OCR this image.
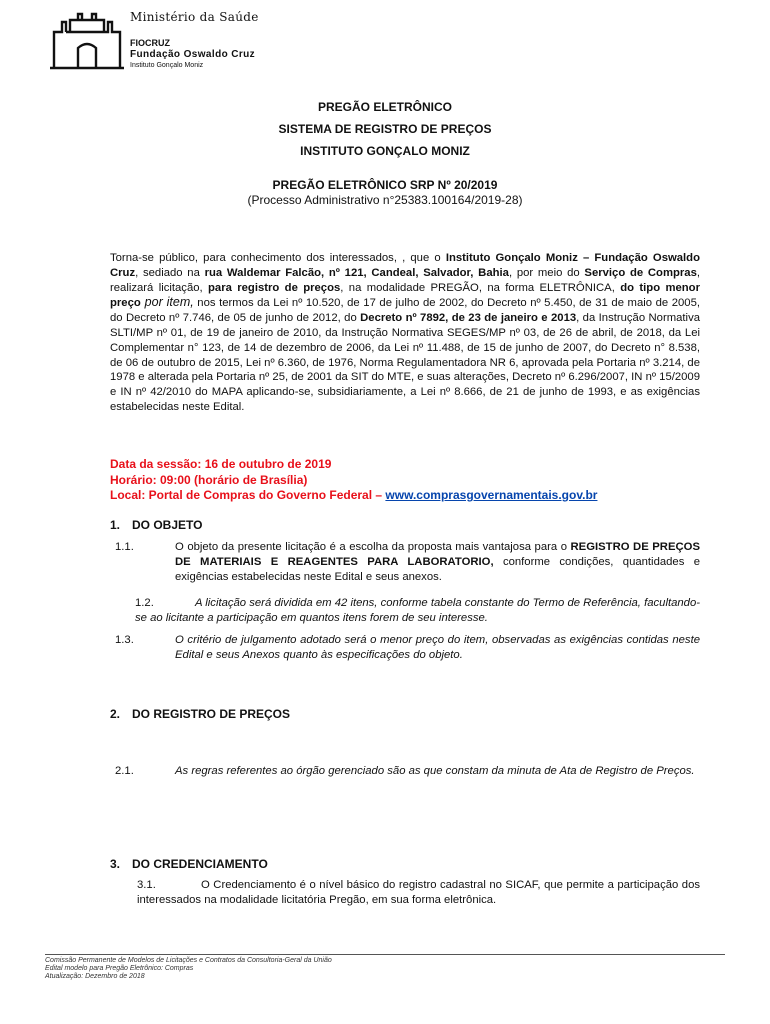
Ministério da Saúde
FIOCRUZ
Fundação Oswaldo Cruz
Instituto Gonçalo Moniz
PREGÃO ELETRÔNICO
SISTEMA DE REGISTRO DE PREÇOS
INSTITUTO GONÇALO MONIZ
PREGÃO ELETRÔNICO SRP Nº 20/2019
(Processo Administrativo n°25383.100164/2019-28)

Torna-se público, para conhecimento dos interessados, , que o Instituto Gonçalo Moniz – Fundação Oswaldo Cruz, sediado na rua Waldemar Falcão, nº 121, Candeal, Salvador, Bahia, por meio do Serviço de Compras, realizará licitação, para registro de preços, na modalidade PREGÃO, na forma ELETRÔNICA, do tipo menor preço por item, nos termos da Lei nº 10.520, de 17 de julho de 2002, do Decreto nº 5.450, de 31 de maio de 2005, do Decreto nº 7.746, de 05 de junho de 2012, do Decreto nº 7892, de 23 de janeiro e 2013, da Instrução Normativa SLTI/MP nº 01, de 19 de janeiro de 2010, da Instrução Normativa SEGES/MP nº 03, de 26 de abril, de 2018, da Lei Complementar n° 123, de 14 de dezembro de 2006, da Lei nº 11.488, de 15 de junho de 2007, do Decreto n° 8.538, de 06 de outubro de 2015, Lei nº 6.360, de 1976, Norma Regulamentadora NR 6, aprovada pela Portaria nº 3.214, de 1978 e alterada pela Portaria nº 25, de 2001 da SIT do MTE, e suas alterações, Decreto nº 6.296/2007, IN nº 15/2009 e IN nº 42/2010 do MAPA aplicando-se, subsidiariamente, a Lei nº 8.666, de 21 de junho de 1993, e as exigências estabelecidas neste Edital.

Data da sessão: 16 de outubro de 2019
Horário: 09:00 (horário de Brasília)
Local: Portal de Compras do Governo Federal – www.comprasgovernamentais.gov.br
1. DO OBJETO

1.1.	O objeto da presente licitação é a escolha da proposta mais vantajosa para o REGISTRO DE PREÇOS DE MATERIAIS E REAGENTES PARA LABORATORIO, conforme condições, quantidades e exigências estabelecidas neste Edital e seus anexos.

1.2.	A licitação será dividida em 42 itens, conforme tabela constante do Termo de Referência, facultando-se ao licitante a participação em quantos itens forem de seu interesse.

1.3.	O critério de julgamento adotado será o menor preço do item, observadas as exigências contidas neste Edital e seus Anexos quanto às especificações do objeto.

2. DO REGISTRO DE PREÇOS

2.1.	As regras referentes ao órgão gerenciado são as que constam da minuta de Ata de Registro de Preços.

3. DO CREDENCIAMENTO

3.1.	O Credenciamento é o nível básico do registro cadastral no SICAF, que permite a participação dos interessados na modalidade licitatória Pregão, em sua forma eletrônica.

Comissão Permanente de Modelos de Licitações e Contratos da Consultoria-Geral da União
Edital modelo para Pregão Eletrônico: Compras
Atualização: Dezembro de 2018
